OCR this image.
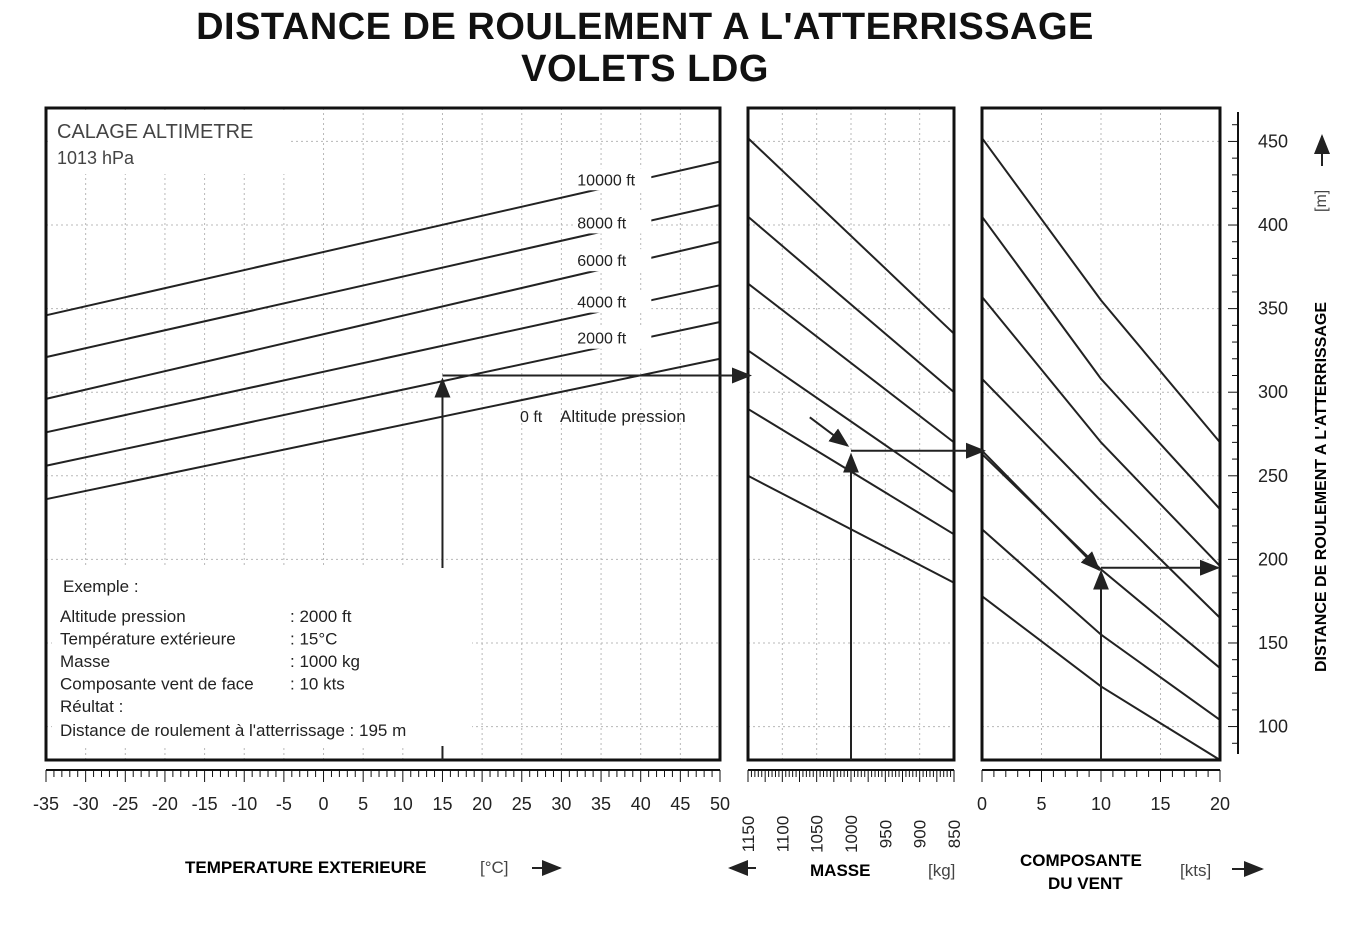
DISTANCE DE ROULEMENT A L'ATTERRISSAGE
VOLETS LDG
10000 ft
8000 ft
6000 ft
4000 ft
2000 ft
0 ft
-35 -30 -25 -20 -15 -10 -5 0 5 10 15 20 25 30 35 40 45 50
1150 1100 1050 1000 950 900 850
0	5 10 15 20
100
150
200
250
300
350
400
450
CALAGE ALTIMETRE
1013 hPa
Exemple :
Altitude pression	: 2000 ft
Température extérieure	: 15°C
Masse	: 1000 kg
Composante vent de face : 10 kts
Réultat :
Distance de roulement à l'atterrissage : 195 m
Altitude pression
TEMPERATURE EXTERIEURE	[°C]	MASSE	[kg]
COMPOSANTE
DU VENT
[kts]
DISTANCE DE ROULEMENT A L'ATTERRISSAGE
[m]
